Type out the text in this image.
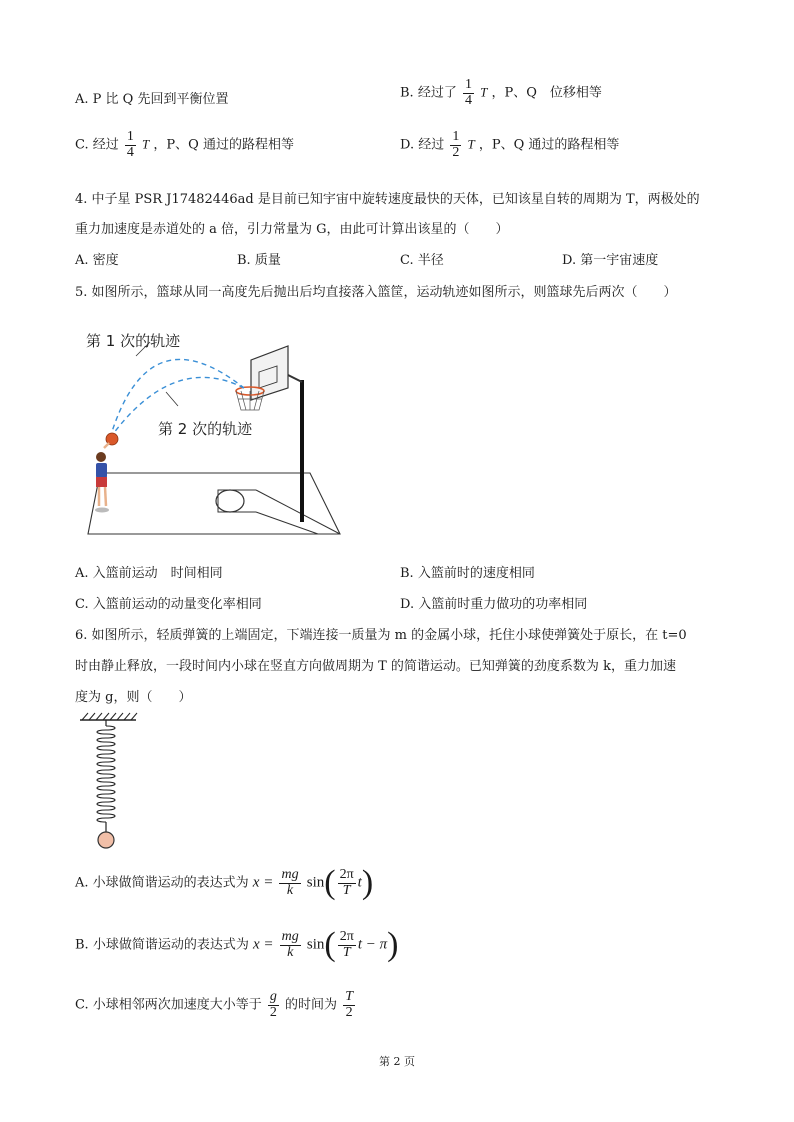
A. P 比 Q 先回到平衡位置	B. 经过了 $\frac{1}{4}$ T ，P、Q　位移相等
C. 经过 $\frac{1}{4}$ T ，P、Q 通过的路程相等	D. 经过 $\frac{1}{2}$ T ，P、Q 通过的路程相等
4. 中子星 PSR J17482446ad 是目前已知宇宙中旋转速度最快的天体，已知该星自转的周期为 T，两极处的
重力加速度是赤道处的 a 倍，引力常量为 G，由此可计算出该星的（　　）
A. 密度	B. 质量	C. 半径	D. 第一宇宙速度
5. 如图所示，篮球从同一高度先后抛出后均直接落入篮筐，运动轨迹如图所示，则篮球先后两次（　　）
第 1 次的轨迹
第 2 次的轨迹
A. 入篮前运动　时间相同	B. 入篮前时的速度相同
C. 入篮前运动的动量变化率相同	D. 入篮前时重力做功的功率相同
6. 如图所示，轻质弹簧的上端固定，下端连接一质量为 m 的金属小球，托住小球使弹簧处于原长，在 t=0
时由静止释放，一段时间内小球在竖直方向做周期为 T 的简谐运动。已知弹簧的劲度系数为 k，重力加速
度为 g，则（　　）
A. 小球做简谐运动的表达式为 $x = \frac{mg}{k} \sin( \frac{2\pi}{T} t)$
B. 小球做简谐运动的表达式为 $x = \frac{mg}{k} \sin( \frac{2\pi}{T}$ t − π)
C. 小球相邻两次加速度大小等于 $\frac{g}{2}$ 的时间为 $\frac{T}{2}$
第 2 页
